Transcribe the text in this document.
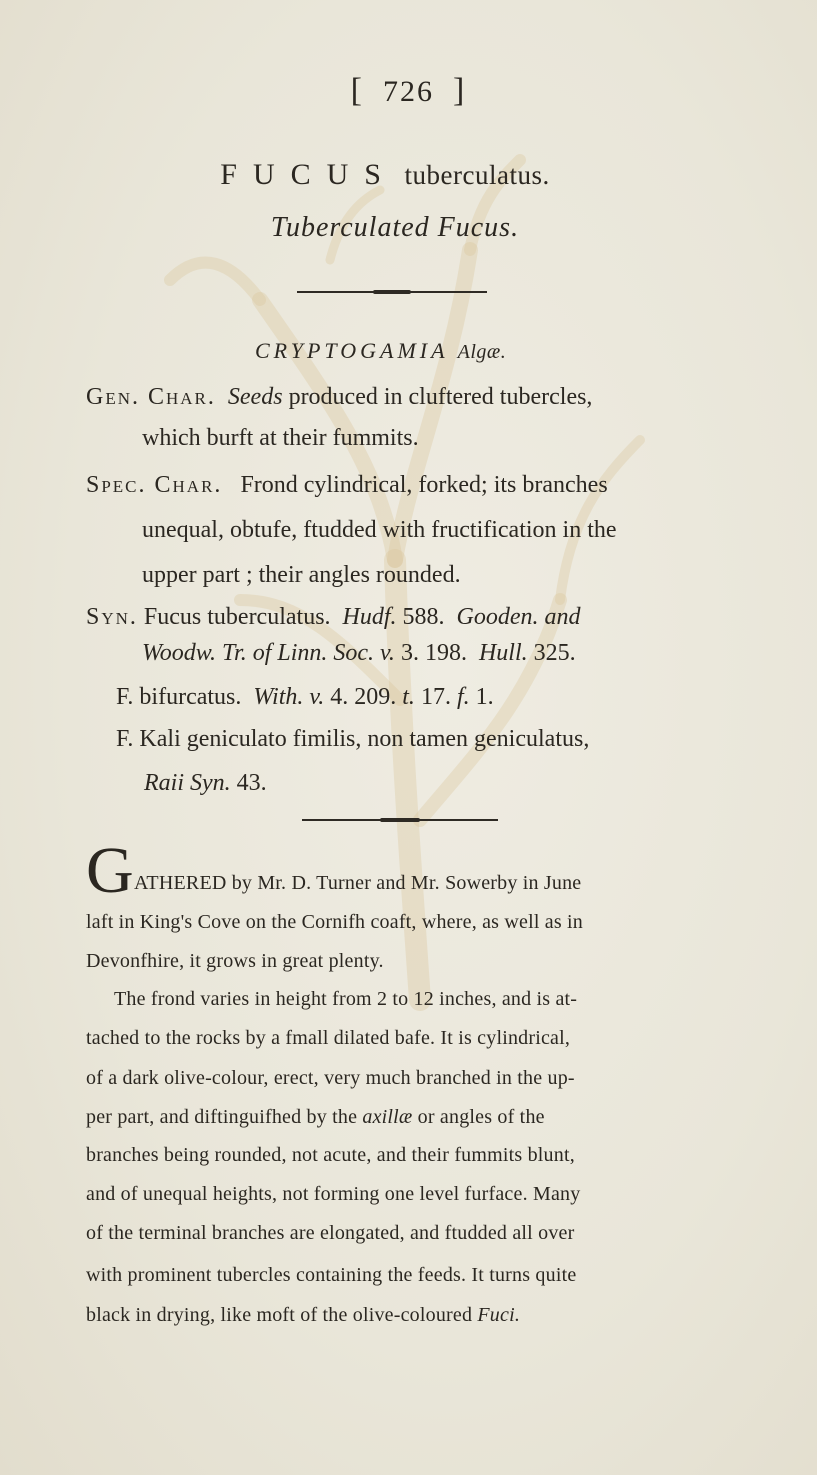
[ 726 ]
FUCUS tuberculatus.
Tuberculated Fucus.
CRYPTOGAMIA Algæ.
Gen. Char. Seeds produced in cluftered tubercles,
which burft at their fummits.
Spec. Char. Frond cylindrical, forked; its branches
unequal, obtufe, ftudded with fructification in the
upper part ; their angles rounded.
Syn. Fucus tuberculatus. Hudf. 588. Gooden. and
Woodw. Tr. of Linn. Soc. v. 3. 198. Hull. 325.
F. bifurcatus. With. v. 4. 209. t. 17. f. 1.
F. Kali geniculato fimilis, non tamen geniculatus,
Raii Syn. 43.
G ATHERED by Mr. D. Turner and Mr. Sowerby in June
laft in King's Cove on the Cornifh coaft, where, as well as in
Devonfhire, it grows in great plenty.
The frond varies in height from 2 to 12 inches, and is at-
tached to the rocks by a fmall dilated bafe. It is cylindrical,
of a dark olive-colour, erect, very much branched in the up-
per part, and diftinguifhed by the axillæ or angles of the
branches being rounded, not acute, and their fummits blunt,
and of unequal heights, not forming one level furface. Many
of the terminal branches are elongated, and ftudded all over
with prominent tubercles containing the feeds. It turns quite
black in drying, like moft of the olive-coloured Fuci.
